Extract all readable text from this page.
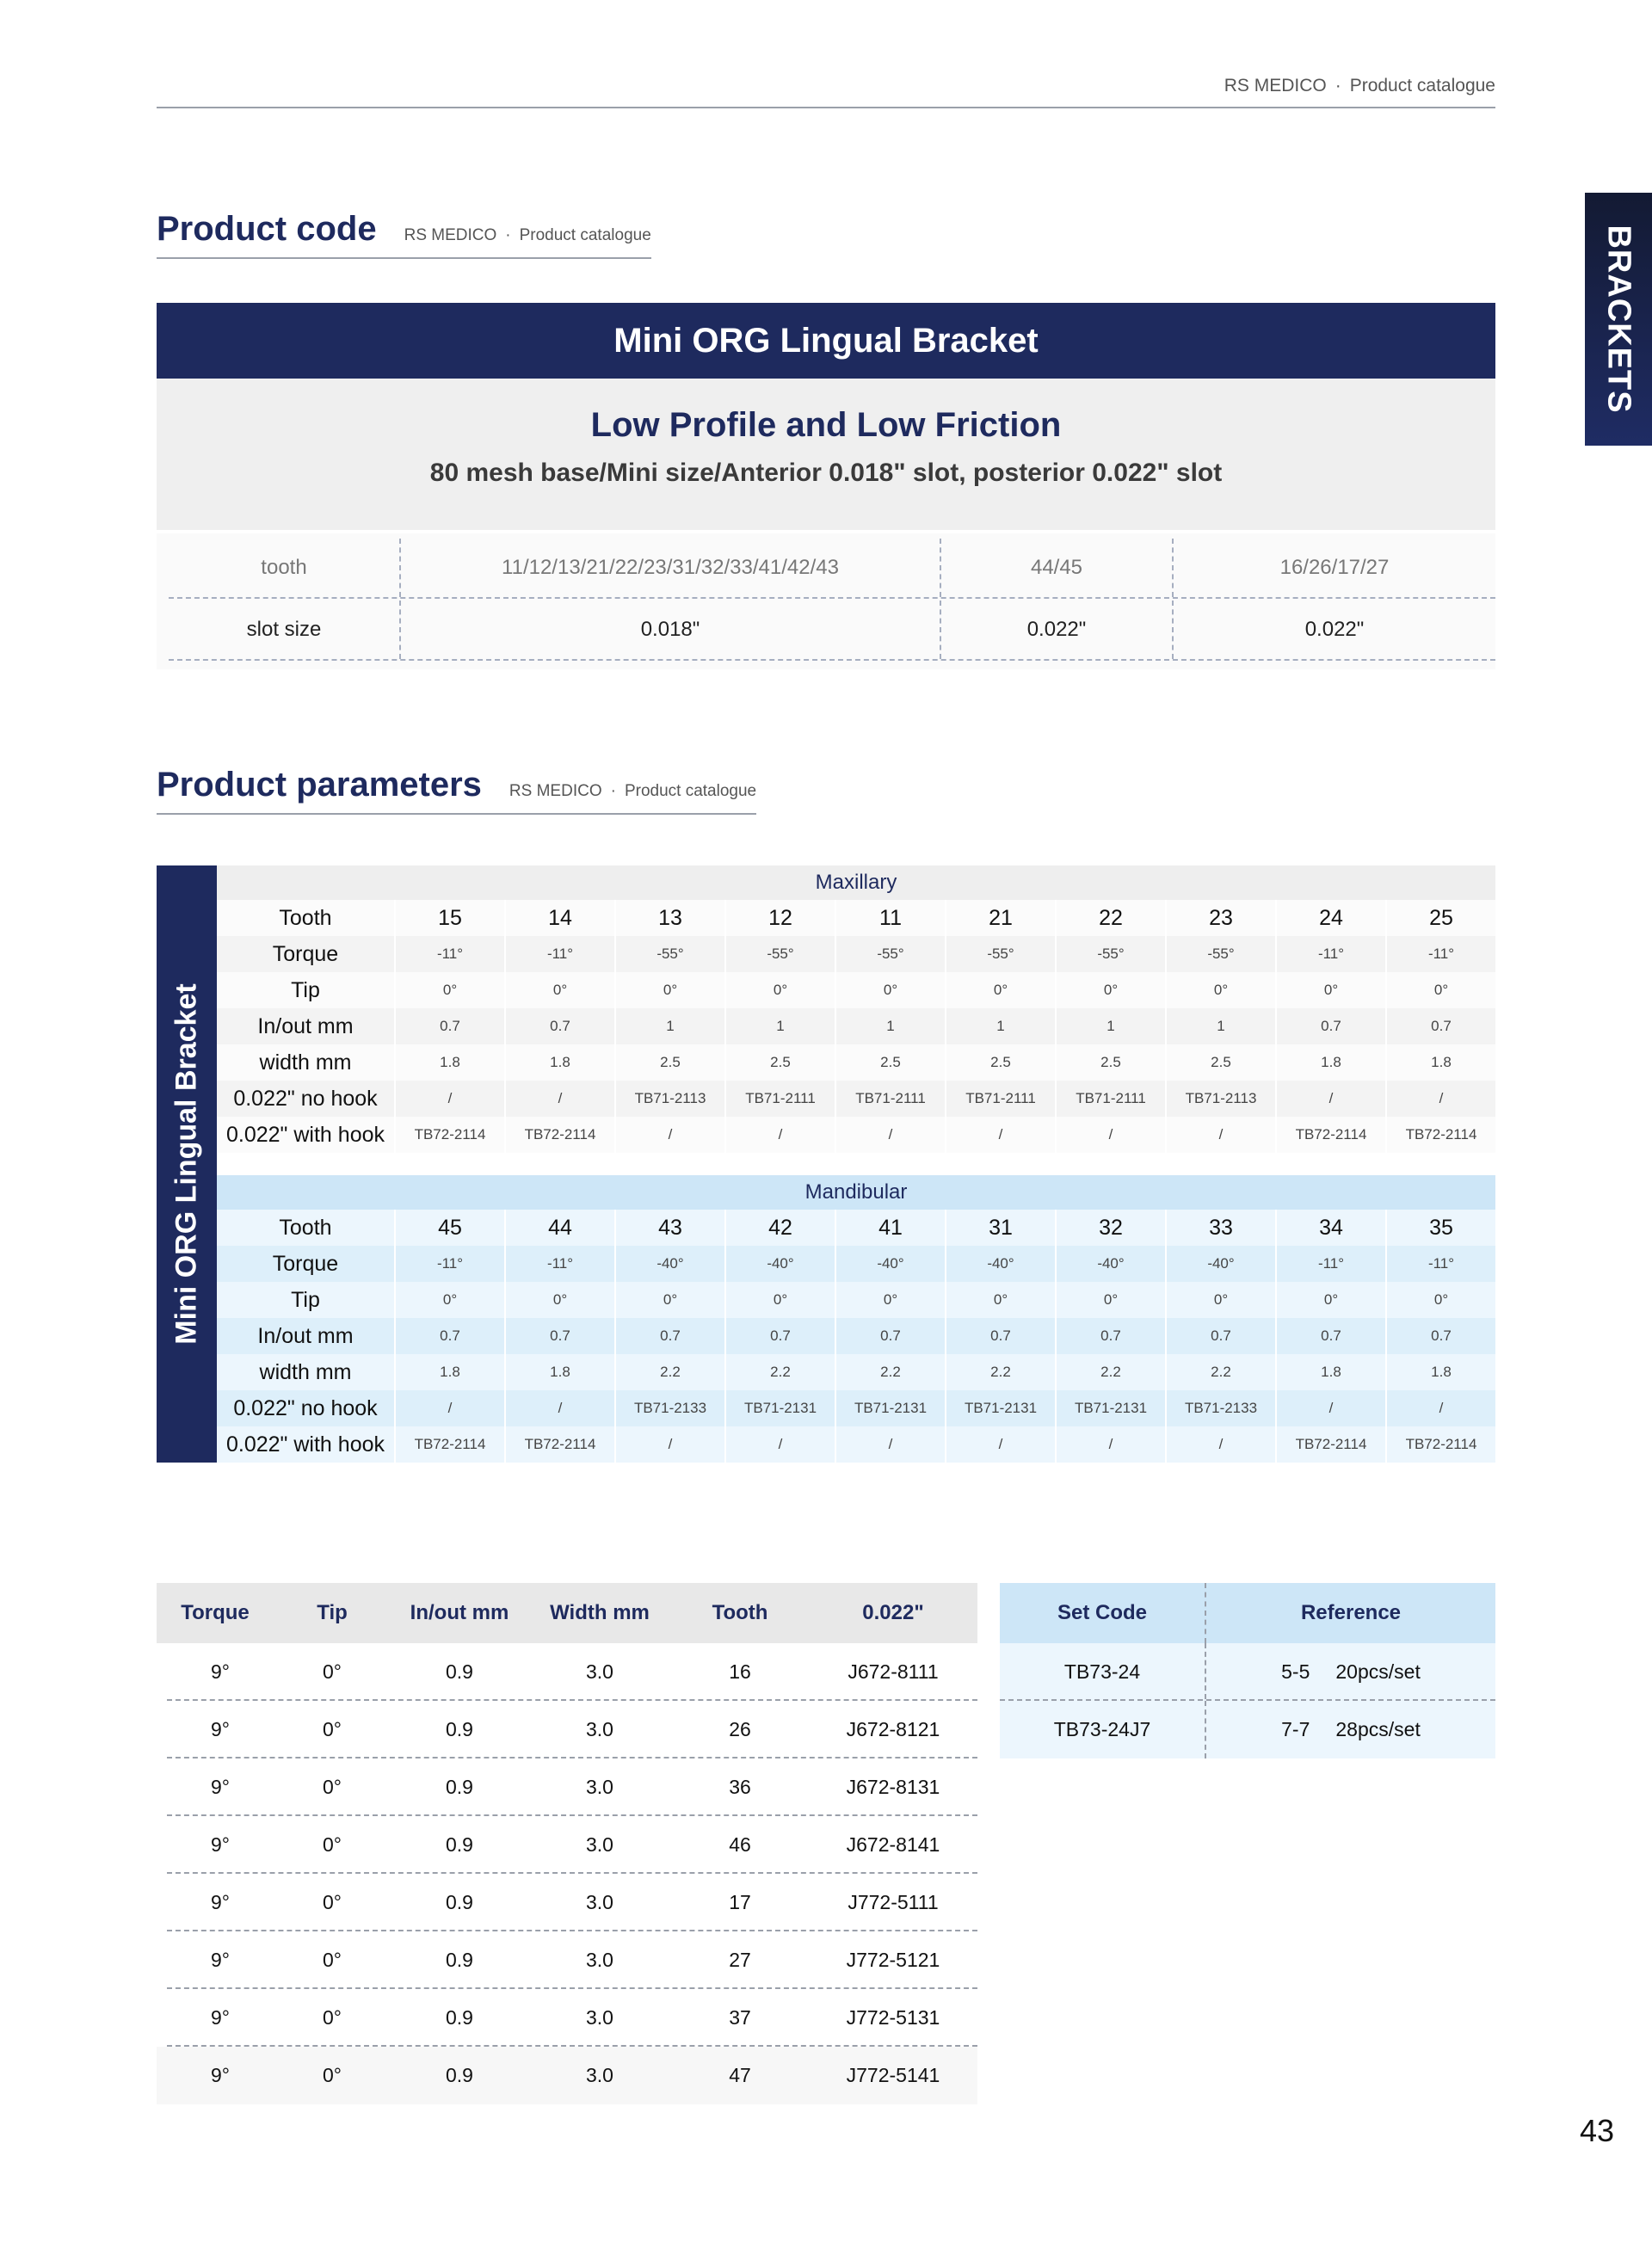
RS MEDICO · Product catalogue
BRACKETS
Product code RS MEDICO · Product catalogue
Mini ORG Lingual Bracket
Low Profile and Low Friction
80 mesh base/Mini size/Anterior 0.018" slot, posterior 0.022" slot
tooth	11/12/13/21/22/23/31/32/33/41/42/43	44/45	16/26/17/27
slot size	0.018"	0.022"	0.022"
Product parameters RS MEDICO · Product catalogue
Mini ORG Lingual Bracket
Maxillary
Tooth	15	14	13	12	11	21	22	23	24	25
Torque	-11°	-11°	-55°	-55°	-55°	-55°	-55°	-55°	-11°	-11°
Tip	0°	0°	0°	0°	0°	0°	0°	0°	0°	0°
In/out mm	0.7	0.7	1	1	1	1	1	1	0.7	0.7
width mm	1.8	1.8	2.5	2.5	2.5	2.5	2.5	2.5	1.8	1.8
0.022" no hook	/	/	TB71-2113	TB71-2111	TB71-2111	TB71-2111	TB71-2111	TB71-2113	/	/
0.022" with hook	TB72-2114	TB72-2114	/	/	/	/	/	/	TB72-2114	TB72-2114
Mandibular
Tooth	45	44	43	42	41	31	32	33	34	35
Torque	-11°	-11°	-40°	-40°	-40°	-40°	-40°	-40°	-11°	-11°
Tip	0°	0°	0°	0°	0°	0°	0°	0°	0°	0°
In/out mm	0.7	0.7	0.7	0.7	0.7	0.7	0.7	0.7	0.7	0.7
width mm	1.8	1.8	2.2	2.2	2.2	2.2	2.2	2.2	1.8	1.8
0.022" no hook	/	/	TB71-2133	TB71-2131	TB71-2131	TB71-2131	TB71-2131	TB71-2133	/	/
0.022" with hook	TB72-2114	TB72-2114	/	/	/	/	/	/	TB72-2114	TB72-2114
Torque	Tip	In/out mm	Width mm	Tooth	0.022"
9°	0°	0.9	3.0	16	J672-8111
9°	0°	0.9	3.0	26	J672-8121
9°	0°	0.9	3.0	36	J672-8131
9°	0°	0.9	3.0	46	J672-8141
9°	0°	0.9	3.0	17	J772-5111
9°	0°	0.9	3.0	27	J772-5121
9°	0°	0.9	3.0	37	J772-5131
9°	0°	0.9	3.0	47	J772-5141
Set Code	Reference
TB73-24	5-5 20pcs/set
TB73-24J7	7-7 28pcs/set
43
